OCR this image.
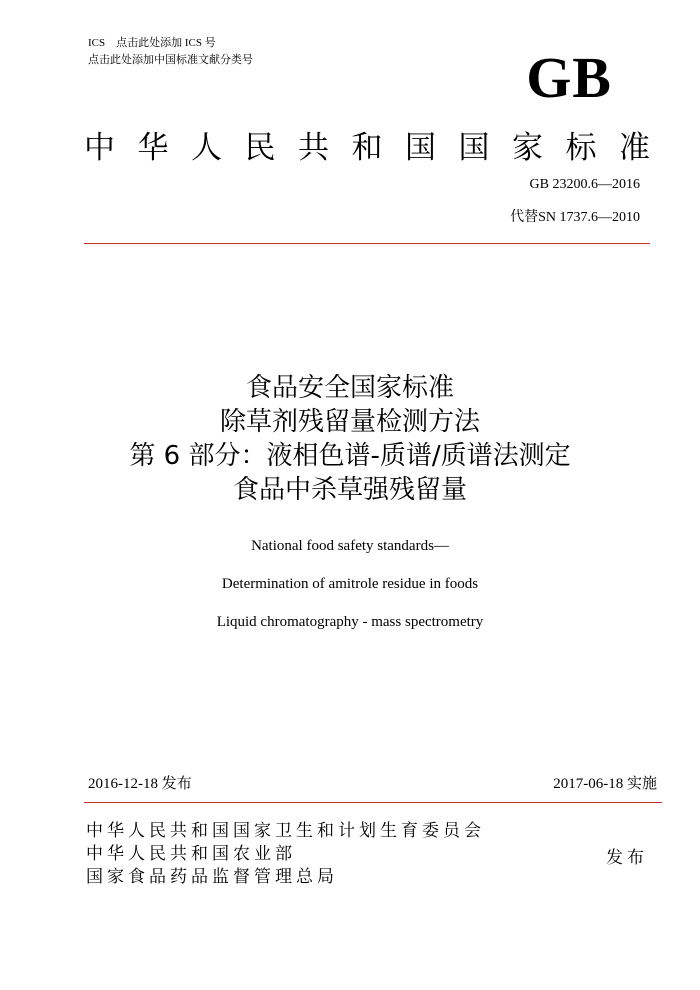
ICS　点击此处添加 ICS 号
点击此处添加中国标准文献分类号	GB
中 华 人 民 共 和 国 国 家 标 准
GB 23200.6—2016
代替SN 1737.6—2010
食品安全国家标准
除草剂残留量检测方法
第 6 部分：液相色谱-质谱/质谱法测定
食品中杀草强残留量
National food safety standards—
Determination of amitrole residue in foods
Liquid chromatography - mass spectrometry
2016-12-18 发布	2017-06-18 实施
中华人民共和国国家卫生和计划生育委员会
中华人民共和国农业部
国家食品药品监督管理总局
发布
